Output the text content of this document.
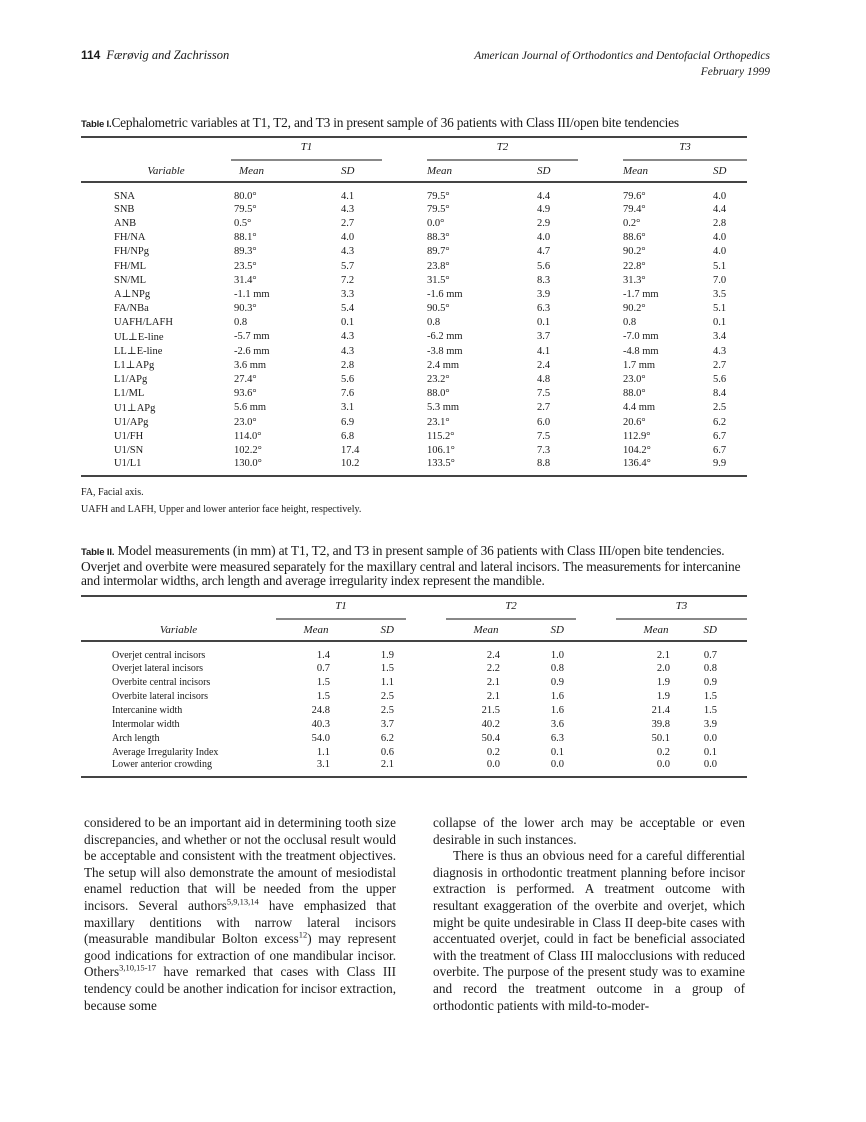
114 Færøvig and Zachrisson	American Journal of Orthodontics and Dentofacial Orthopedics
February 1999
Table I.Cephalometric variables at T1, T2, and T3 in present sample of 36 patients with Class III/open bite tendencies
	T1			T2			T3	

Variable	Mean	SD		Mean	SD		Mean	SD
SNA	80.0°	4.1		79.5°	4.4		79.6°	4.0
SNB	79.5°	4.3		79.5°	4.9		79.4°	4.4
ANB	0.5°	2.7		0.0°	2.9		0.2°	2.8
FH/NA	88.1°	4.0		88.3°	4.0		88.6°	4.0
FH/NPg	89.3°	4.3		89.7°	4.7		90.2°	4.0
FH/ML	23.5°	5.7		23.8°	5.6		22.8°	5.1
SN/ML	31.4°	7.2		31.5°	8.3		31.3°	7.0
A⊥NPg	-1.1 mm	3.3		-1.6 mm	3.9		-1.7 mm	3.5
FA/NBa	90.3°	5.4		90.5°	6.3		90.2°	5.1
UAFH/LAFH	0.8	0.1		0.8	0.1		0.8	0.1
UL⊥E-line	-5.7 mm	4.3		-6.2 mm	3.7		-7.0 mm	3.4
LL⊥E-line	-2.6 mm	4.3		-3.8 mm	4.1		-4.8 mm	4.3
L1⊥APg	3.6 mm	2.8		2.4 mm	2.4		1.7 mm	2.7
L1/APg	27.4°	5.6		23.2°	4.8		23.0°	5.6
L1/ML	93.6°	7.6		88.0°	7.5		88.0°	8.4
U1⊥APg	5.6 mm	3.1		5.3 mm	2.7		4.4 mm	2.5
U1/APg	23.0°	6.9		23.1°	6.0		20.6°	6.2
U1/FH	114.0°	6.8		115.2°	7.5		112.9°	6.7
U1/SN	102.2°	17.4		106.1°	7.3		104.2°	6.7
U1/L1	130.0°	10.2		133.5°	8.8		136.4°	9.9
FA, Facial axis.
UAFH and LAFH, Upper and lower anterior face height, respectively.
Table II. Model measurements (in mm) at T1, T2, and T3 in present sample of 36 patients with Class III/open bite tendencies. Overjet and overbite were measured separately for the maxillary central and lateral incisors. The measurements for intercanine and intermolar widths, arch length and average irregularity index represent the mandible.
	T1			T2			T3	

Variable	Mean	SD		Mean	SD		Mean	SD
Overjet central incisors	1.4	1.9		2.4	1.0		2.1	0.7
Overjet lateral incisors	0.7	1.5		2.2	0.8		2.0	0.8
Overbite central incisors	1.5	1.1		2.1	0.9		1.9	0.9
Overbite lateral incisors	1.5	2.5		2.1	1.6		1.9	1.5
Intercanine width	24.8	2.5		21.5	1.6		21.4	1.5
Intermolar width	40.3	3.7		40.2	3.6		39.8	3.9
Arch length	54.0	6.2		50.4	6.3		50.1	0.0
Average Irregularity Index	1.1	0.6		0.2	0.1		0.2	0.1
Lower anterior crowding	3.1	2.1		0.0	0.0		0.0	0.0

considered to be an important aid in determining tooth size discrepancies, and whether or not the occlusal result would be acceptable and consistent with the treatment objectives. The setup will also demonstrate the amount of mesiodistal enamel reduction that will be needed from the upper incisors. Several authors$^{5,9,13,14}$ have emphasized that maxillary dentitions with narrow lateral incisors (measurable mandibular Bolton excess$^{12}$) may represent good indications for extraction of one mandibular incisor. Others$^{3,10,15-17}$ have remarked that cases with Class III tendency could be another indication for incisor extraction, because some

collapse of the lower arch may be acceptable or even desirable in such instances.

There is thus an obvious need for a careful differential diagnosis in orthodontic treatment planning before incisor extraction is performed. A treatment outcome with resultant exaggeration of the overbite and overjet, which might be quite undesirable in Class II deep-bite cases with accentuated overjet, could in fact be beneficial associated with the treatment of Class III malocclusions with reduced overbite. The purpose of the present study was to examine and record the treatment outcome in a group of orthodontic patients with mild-to-moder-
